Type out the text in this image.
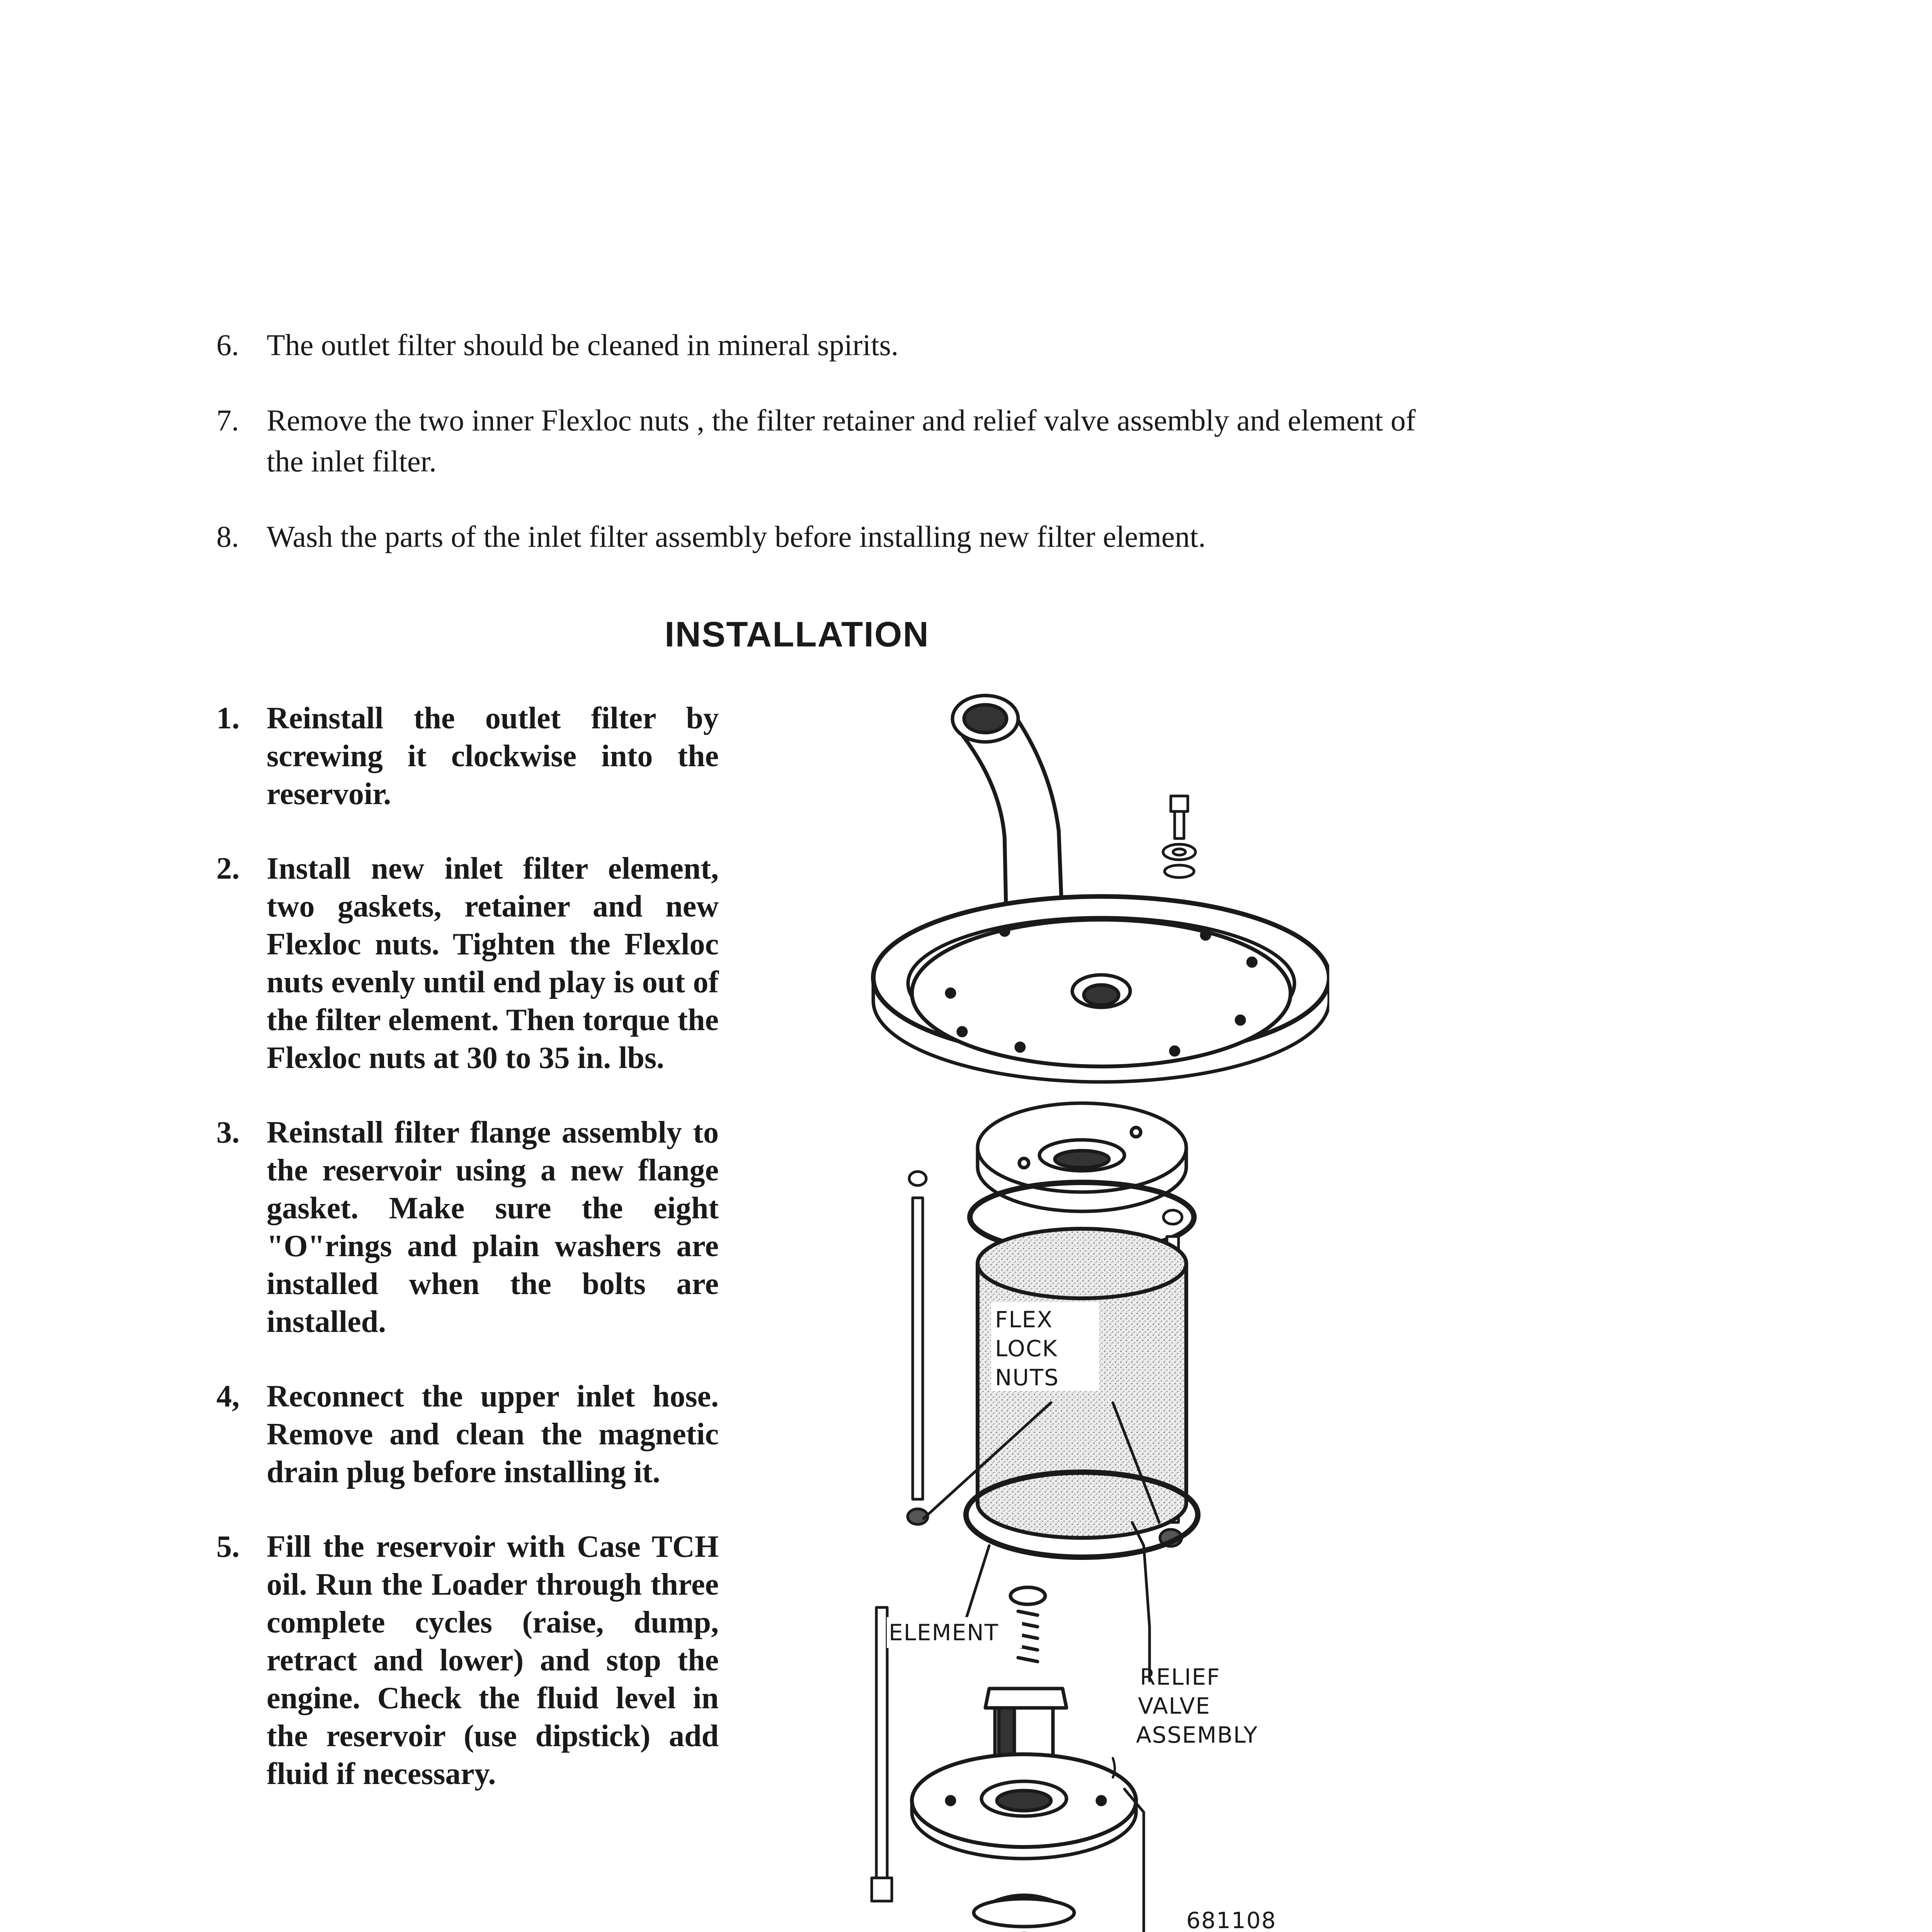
6. The outlet filter should be cleaned in mineral spirits.
7. Remove the two inner Flexloc nuts , the filter retainer and relief valve assembly and element of the inlet filter.
8. Wash the parts of the inlet filter assembly before installing new filter element.
INSTALLATION
1. Reinstall the outlet filter by screwing it clockwise into the reservoir.
2. Install new inlet filter element, two gaskets, retainer and new Flexloc nuts. Tighten the Flexloc nuts evenly until end play is out of the filter element. Then torque the Flexloc nuts at 30 to 35 in. lbs.
3. Reinstall filter flange assembly to the reservoir using a new flange gasket. Make sure the eight "O"rings and plain washers are installed when the bolts are installed.
4, Reconnect the upper inlet hose. Remove and clean the magnetic drain plug before installing it.
5. Fill the reservoir with Case TCH oil. Run the Loader through three complete cycles (raise, dump, retract and lower) and stop the engine. Check the fluid level in the reservoir (use dipstick) add fluid if necessary.
FLEX
LOCK
NUTS
ELEMENT
RELIEF
VALVE
ASSEMBLY
681108
